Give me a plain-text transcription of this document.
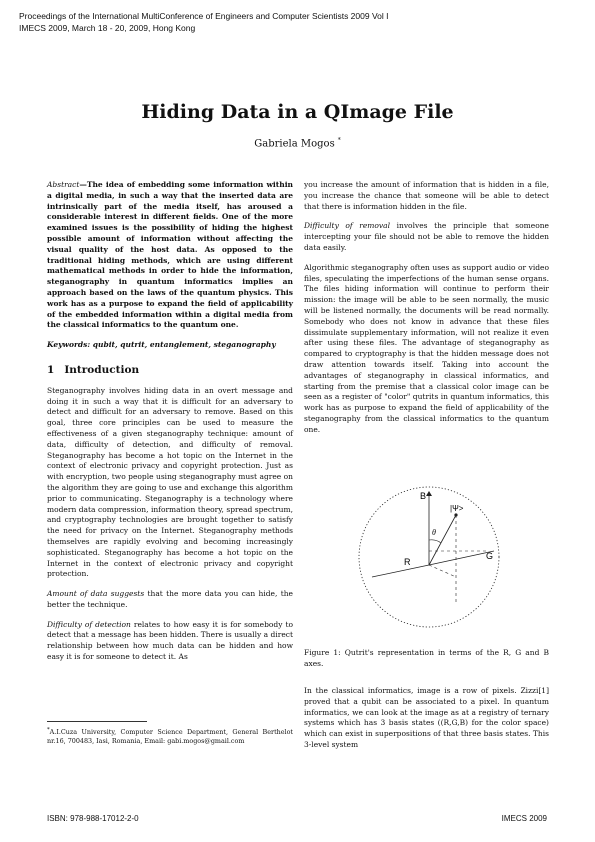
Proceedings of the International MultiConference of Engineers and Computer Scientists 2009 Vol I
IMECS 2009, March 18 - 20, 2009, Hong Kong
Hiding Data in a QImage File
Gabriela Mogos *

Abstract—The idea of embedding some information within a digital media, in such a way that the inserted data are intrinsically part of the media itself, has aroused a considerable interest in different fields. One of the more examined issues is the possibility of hiding the highest possible amount of information without affecting the visual quality of the host data. As opposed to the traditional hiding methods, which are using different mathematical methods in order to hide the information, steganography in quantum informatics implies an approach based on the laws of the quantum physics. This work has as a purpose to expand the field of applicability of the embedded information within a digital media from the classical informatics to the quantum one.

Keywords: qubit, qutrit, entanglement, steganography

1 Introduction

Steganography involves hiding data in an overt message and doing it in such a way that it is difficult for an adversary to detect and difficult for an adversary to remove. Based on this goal, three core principles can be used to measure the effectiveness of a given steganography technique: amount of data, difficulty of detection, and difficulty of removal. Steganography has become a hot topic on the Internet in the context of electronic privacy and copyright protection. Just as with encryption, two people using steganography must agree on the algorithm they are going to use and exchange this algorithm prior to communicating. Steganography is a technology where modern data compression, information theory, spread spectrum, and cryptography technologies are brought together to satisfy the need for privacy on the Internet. Steganography methods themselves are rapidly evolving and becoming increasingly sophisticated. Steganography has become a hot topic on the Internet in the context of electronic privacy and copyright protection.

Amount of data suggests that the more data you can hide, the better the technique.

Difficulty of detection relates to how easy it is for somebody to detect that a message has been hidden. There is usually a direct relationship between how much data can be hidden and how easy it is for someone to detect it. As

*A.I.Cuza University, Computer Science Department, General Berthelot nr.16, 700483, Iasi, Romania, Email: gabi.mogos@gmail.com

you increase the amount of information that is hidden in a file, you increase the chance that someone will be able to detect that there is information hidden in the file.

Difficulty of removal involves the principle that someone intercepting your file should not be able to remove the hidden data easily.

Algorithmic steganography often uses as support audio or video files, speculating the imperfections of the human sense organs. The files hiding information will continue to perform their mission: the image will be able to be seen normally, the music will be listened normally, the documents will be read normally. Somebody who does not know in advance that these files dissimulate supplementary information, will not realize it even after using these files. The advantage of steganography as compared to cryptography is that the hidden message does not draw attention towards itself. Taking into account the advantages of steganography in classical informatics, and starting from the premise that a classical color image can be seen as a register of "color" qutrits in quantum informatics, this work has as purpose to expand the field of applicability of the steganography from the classical informatics to the quantum one.

B
G
R
θ
|Ψ>
Figure 1: Qutrit's representation in terms of the R, G and B axes.
In the classical informatics, image is a row of pixels. Zizzi[1] proved that a qubit can be associated to a pixel. In quantum informatics, we can look at the image as at a registry of ternary systems which has 3 basis states ((R,G,B) for the color space) which can exist in superpositions of that three basis states. This 3-level system
ISBN: 978-988-17012-2-0	IMECS 2009
